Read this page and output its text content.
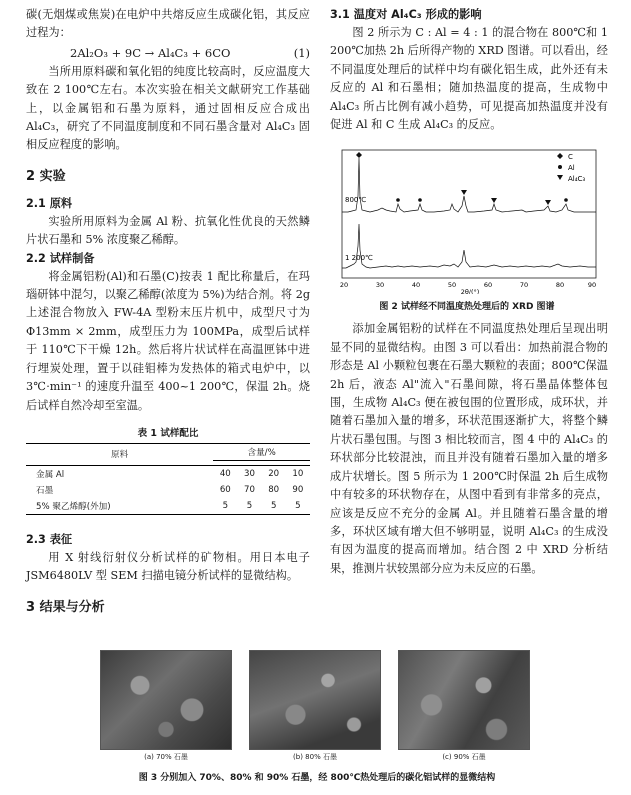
碳(无烟煤或焦炭)在电炉中共熔反应生成碳化铝，其反应过程为：

2Al₂O₃ + 9C → Al₄C₃ + 6CO	(1)

当所用原料碳和氧化铝的纯度比较高时，反应温度大致在 2 100℃左右。本次实验在相关文献研究工作基础上，以金属铝和石墨为原料，通过固相反应合成出 Al₄C₃，研究了不同温度制度和不同石墨含量对 Al₄C₃ 固相反应程度的影响。

2 实验
2.1 原料

实验所用原料为金属 Al 粉、抗氧化性优良的天然鳞片状石墨和 5% 浓度聚乙稀醇。

2.2 试样制备

将金属铝粉(Al)和石墨(C)按表 1 配比称量后，在玛瑙研钵中混匀，以聚乙稀醇(浓度为 5%)为结合剂。将 2g 上述混合物放入 FW-4A 型粉末压片机中，成型尺寸为 Φ13mm × 2mm，成型压力为 100MPa，成型后试样于 110℃下干燥 12h。然后将片状试样在高温匣钵中进行埋炭处理，置于以硅钼棒为发热体的箱式电炉中，以 3℃·min⁻¹ 的速度升温至 400~1 200℃，保温 2h。烧后试样自然冷却至室温。

表 1 试样配比
原料	含量/%			

金属 Al	40	30	20	10
石墨	60	70	80	90
5% 聚乙烯醇(外加)	5	5	5	5
2.3 表征

用 X 射线衍射仪分析试样的矿物相。用日本电子 JSM6480LV 型 SEM 扫描电镜分析试样的显微结构。

3 结果与分析
3.1 温度对 Al₄C₃ 形成的影响

图 2 所示为 C : Al = 4 : 1 的混合物在 800℃和 1 200℃加热 2h 后所得产物的 XRD 图谱。可以看出，经不同温度处理后的试样中均有碳化铝生成，此外还有未反应的 Al 和石墨相；随加热温度的提高，生成物中 Al₄C₃ 所占比例有减小趋势，可见提高加热温度并没有促进 Al 和 C 生成 Al₄C₃ 的反应。

C
Al
Al₄C₃
800℃
1 200℃
20	30	40	50	60	70	80	90
2θ/(°)
图 2 试样经不同温度热处理后的 XRD 图谱

添加金属铝粉的试样在不同温度热处理后呈现出明显不同的显微结构。由图 3 可以看出：加热前混合物的形态是 Al 小颗粒包裹在石墨大颗粒的表面；800℃保温 2h 后，液态 Al"流入"石墨间隙，将石墨晶体整体包围，生成物 Al₄C₃ 便在被包围的位置形成，成环状，并随着石墨加入量的增多，环状范围逐渐扩大，将整个鳞片状石墨包围。与图 3 相比较而言，图 4 中的 Al₄C₃ 的环状部分比较混浊，而且并没有随着石墨加入量的增多成片状增长。图 5 所示为 1 200℃时保温 2h 后生成物中有较多的环状物存在，从图中看到有非常多的亮点，应该是反应不充分的金属 Al。并且随着石墨含量的增多，环状区域有增大但不够明显，说明 Al₄C₃ 的生成没有因为温度的提高而增加。结合图 2 中 XRD 分析结果，推测片状较黑部分应为未反应的石墨。

(a) 70% 石墨	(b) 80% 石墨	(c) 90% 石墨
图 3 分别加入 70%、80% 和 90% 石墨，经 800℃热处理后的碳化铝试样的显微结构
